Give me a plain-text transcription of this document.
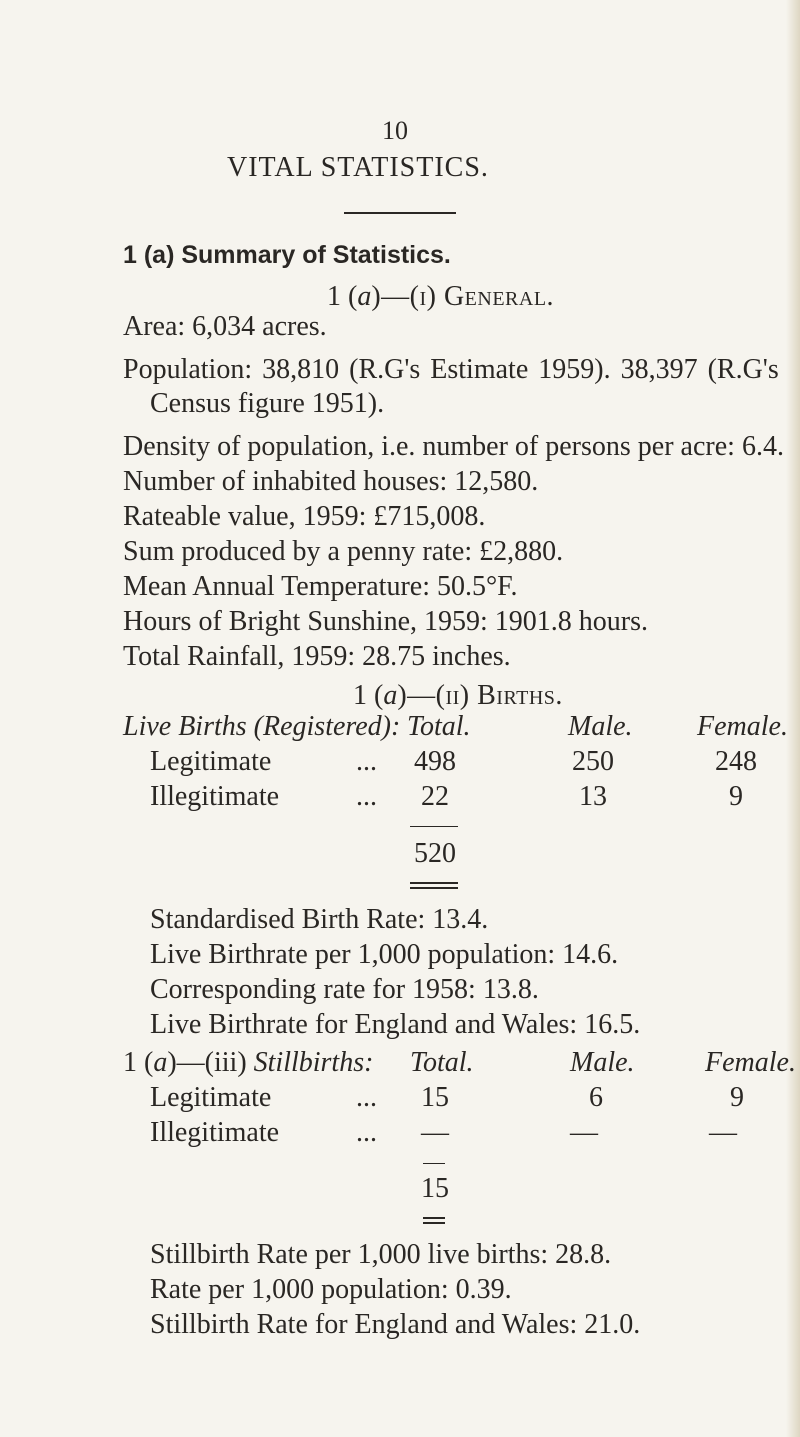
10
VITAL STATISTICS.
1 (a) Summary of Statistics.
1 (a)—(i) General.
Area: 6,034 acres.
Population: 38,810 (R.G's Estimate 1959). 38,397 (R.G's
Census figure 1951).
Density of population, i.e. number of persons per acre: 6.4.
Number of inhabited houses: 12,580.
Rateable value, 1959: £715,008.
Sum produced by a penny rate: £2,880.
Mean Annual Temperature: 50.5°F.
Hours of Bright Sunshine, 1959: 1901.8 hours.
Total Rainfall, 1959: 28.75 inches.
1 (a)—(ii) Births.
Live Births (Registered): Total.	Male. Female.
Legitimate	...	498	250	248
Illegitimate	...	22	13	9
520
Standardised Birth Rate: 13.4.
Live Birthrate per 1,000 population: 14.6.
Corresponding rate for 1958: 13.8.
Live Birthrate for England and Wales: 16.5.
1 (a)—(iii) Stillbirths: Total.	Male.	Female.
Legitimate	...	15	6	9
Illegitimate	...	—	—	—
15
Stillbirth Rate per 1,000 live births: 28.8.
Rate per 1,000 population: 0.39.
Stillbirth Rate for England and Wales: 21.0.
